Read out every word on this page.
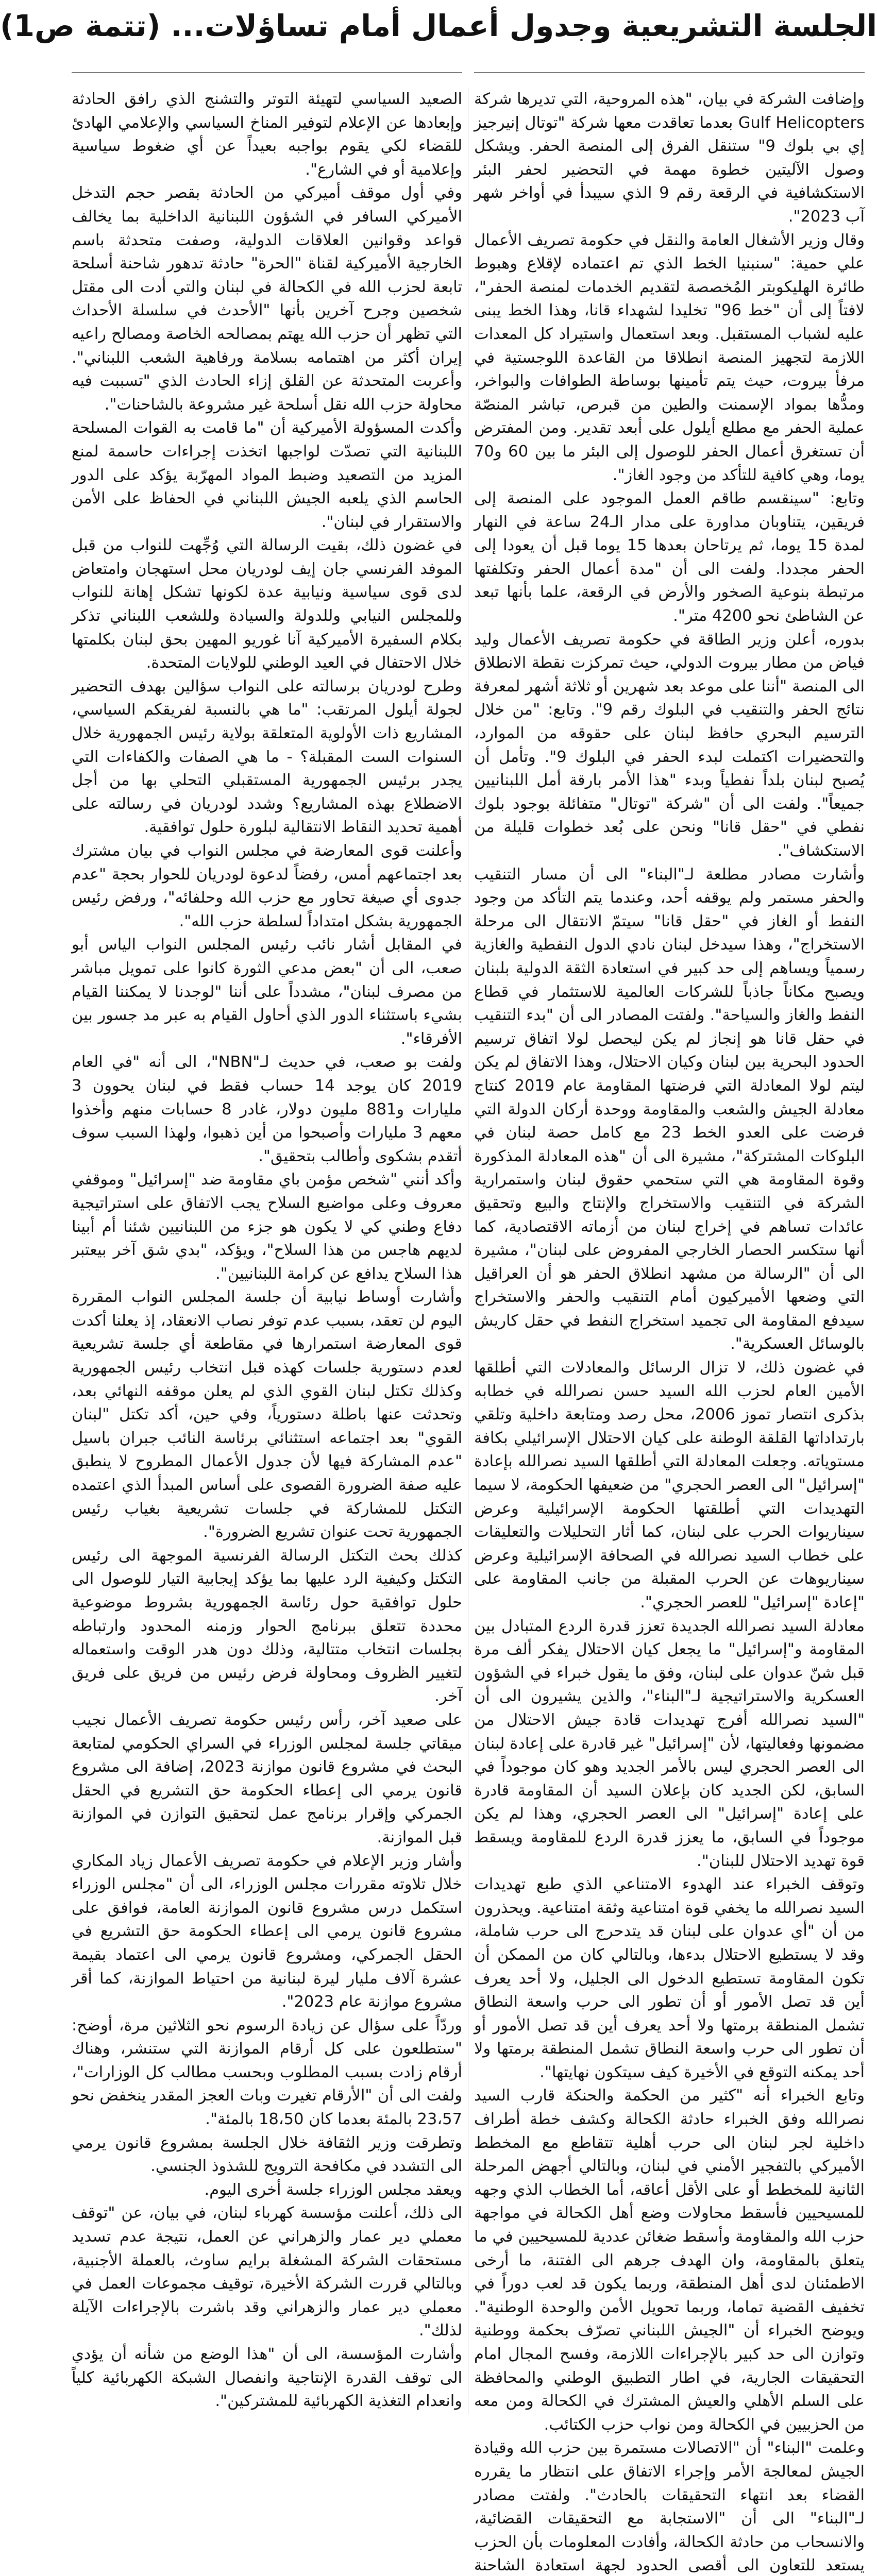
الجلسة التشريعية وجدول أعمال أمام تساؤلات... (تتمة ص1)

وإضافت الشركة في بيان، "هذه المروحية، التي تديرها شركة Gulf Helicopters بعدما تعاقدت معها شركة "توتال إنيرجيز إي بي بلوك 9" ستنقل الفرق إلى المنصة الحفر. ويشكل وصول الآليتين خطوة مهمة في التحضير لحفر البئر الاستكشافية في الرقعة رقم 9 الذي سيبدأ في أواخر شهر آب 2023".

وقال وزير الأشغال العامة والنقل في حكومة تصريف الأعمال علي حمية: "سنبنيا الخط الذي تم اعتماده لإقلاع وهبوط طائرة الهليكوبتر المُخصصة لتقديم الخدمات لمنصة الحفر"، لافتاً إلى أن "خط 96" تخليدا لشهداء قانا، وهذا الخط يبنى عليه لشباب المستقبل. وبعد استعمال واستيراد كل المعدات اللازمة لتجهيز المنصة انطلاقا من القاعدة اللوجستية في مرفأ بيروت، حيث يتم تأمينها بوساطة الطوافات والبواخر، ومدُّها بمواد الإسمنت والطين من قبرص، تباشر المنصّة عملية الحفر مع مطلع أيلول على أبعد تقدير. ومن المفترض أن تستغرق أعمال الحفر للوصول إلى البئر ما بين 60 و70 يوما، وهي كافية للتأكد من وجود الغاز".

وتابع: "سينقسم طاقم العمل الموجود على المنصة إلى فريقين، يتناوبان مداورة على مدار الـ24 ساعة في النهار لمدة 15 يوما، ثم يرتاحان بعدها 15 يوما قبل أن يعودا إلى الحفر مجددا. ولفت الى أن "مدة أعمال الحفر وتكلفتها مرتبطة بنوعية الصخور والأرض في الرقعة، علما بأنها تبعد عن الشاطئ نحو 4200 متر".

بدوره، أعلن وزير الطاقة في حكومة تصريف الأعمال وليد فياض من مطار بيروت الدولي، حيث تمركزت نقطة الانطلاق الى المنصة "أننا على موعد بعد شهرين أو ثلاثة أشهر لمعرفة نتائج الحفر والتنقيب في البلوك رقم 9". وتابع: "من خلال الترسيم البحري حافظ لبنان على حقوقه من الموارد، والتحضيرات اكتملت لبدء الحفر في البلوك 9". وتأمل أن يُصبح لبنان بلداً نفطياً وبدء "هذا الأمر بارقة أمل اللبنانيين جميعاً". ولفت الى أن "شركة "توتال" متفائلة بوجود بلوك نفطي في "حقل قانا" ونحن على بُعد خطوات قليلة من الاستكشاف".

وأشارت مصادر مطلعة لـ"البناء" الى أن مسار التنقيب والحفر مستمر ولم يوقفه أحد، وعندما يتم التأكد من وجود النفط أو الغاز في "حقل قانا" سيتمّ الانتقال الى مرحلة الاستخراج"، وهذا سيدخل لبنان نادي الدول النفطية والغازية رسمياً ويساهم إلى حد كبير في استعادة الثقة الدولية بلبنان ويصبح مكاناً جاذباً للشركات العالمية للاستثمار في قطاع النفط والغاز والسياحة". ولفتت المصادر الى أن "بدء التنقيب في حقل قانا هو إنجاز لم يكن ليحصل لولا اتفاق ترسيم الحدود البحرية بين لبنان وكيان الاحتلال، وهذا الاتفاق لم يكن ليتم لولا المعادلة التي فرضتها المقاومة عام 2019 كنتاج معادلة الجيش والشعب والمقاومة ووحدة أركان الدولة التي فرضت على العدو الخط 23 مع كامل حصة لبنان في البلوكات المشتركة"، مشيرة الى أن "هذه المعادلة المذكورة وقوة المقاومة هي التي ستحمي حقوق لبنان واستمرارية الشركة في التنقيب والاستخراج والإنتاج والبيع وتحقيق عائدات تساهم في إخراج لبنان من أزماته الاقتصادية، كما أنها ستكسر الحصار الخارجي المفروض على لبنان"، مشيرة الى أن "الرسالة من مشهد انطلاق الحفر هو أن العراقيل التي وضعها الأميركيون أمام التنقيب والحفر والاستخراج سيدفع المقاومة الى تجميد استخراج النفط في حقل كاريش بالوسائل العسكرية".

في غضون ذلك، لا تزال الرسائل والمعادلات التي أطلقها الأمين العام لحزب الله السيد حسن نصرالله في خطابه بذكرى انتصار تموز 2006، محل رصد ومتابعة داخلية وتلقي بارتداداتها القلقة الوطنة على كيان الاحتلال الإسرائيلي بكافة مستوياته. وجعلت المعادلة التي أطلقها السيد نصرالله بإعادة "إسرائيل" الى العصر الحجري" من ضعيفها الحكومة، لا سيما التهديدات التي أطلقتها الحكومة الإسرائيلية وعرض سيناريوات الحرب على لبنان، كما أثار التحليلات والتعليقات على خطاب السيد نصرالله في الصحافة الإسرائيلية وعرض سيناريوهات عن الحرب المقبلة من جانب المقاومة على "إعادة "إسرائيل" للعصر الحجري".

معادلة السيد نصرالله الجديدة تعزز قدرة الردع المتبادل بين المقاومة و"إسرائيل" ما يجعل كيان الاحتلال يفكر ألف مرة قبل شنّ عدوان على لبنان، وفق ما يقول خبراء في الشؤون العسكرية والاستراتيجية لـ"البناء"، والذين يشيرون الى أن "السيد نصرالله أفرج تهديدات قادة جيش الاحتلال من مضمونها وفعاليتها، لأن "إسرائيل" غير قادرة على إعادة لبنان الى العصر الحجري ليس بالأمر الجديد وهو كان موجوداً في السابق، لكن الجديد كان بإعلان السيد أن المقاومة قادرة على إعادة "إسرائيل" الى العصر الحجري، وهذا لم يكن موجوداً في السابق، ما يعزز قدرة الردع للمقاومة ويسقط قوة تهديد الاحتلال للبنان".

وتوقف الخبراء عند الهدوء الامتناعي الذي طبع تهديدات السيد نصرالله ما يخفي قوة امتناعية وثقة امتناعية. ويحذرون من أن "أي عدوان على لبنان قد يتدحرج الى حرب شاملة، وقد لا يستطيع الاحتلال بدءها، وبالتالي كان من الممكن أن تكون المقاومة تستطيع الدخول الى الجليل، ولا أحد يعرف أين قد تصل الأمور أو أن تطور الى حرب واسعة النطاق تشمل المنطقة برمتها ولا أحد يعرف أين قد تصل الأمور أو أن تطور الى حرب واسعة النطاق تشمل المنطقة برمتها ولا أحد يمكنه التوقع في الأخيرة كيف سيتكون نهايتها".

وتابع الخبراء أنه "كثير من الحكمة والحنكة قارب السيد نصرالله وفق الخبراء حادثة الكحالة وكشف خطة أطراف داخلية لجر لبنان الى حرب أهلية تتقاطع مع المخطط الأميركي بالتفجير الأمني في لبنان، وبالتالي أجهض المرحلة الثانية للمخطط أو على الأقل أعاقه، أما الخطاب الذي وجهه للمسيحيين فأسقط محاولات وضع أهل الكحالة في مواجهة حزب الله والمقاومة وأسقط ضغائن عددية للمسيحيين في ما يتعلق بالمقاومة، وان الهدف جرهم الى الفتنة، ما أرخى الاطمئنان لدى أهل المنطقة، وربما يكون قد لعب دوراً في تخفيف القضية تماما، وربما تحويل الأمن والوحدة الوطنية". ويوضح الخبراء أن "الجيش اللبناني تصرّف بحكمة ووطنية وتوازن الى حد كبير بالإجراءات اللازمة، وفسح المجال امام التحقيقات الجارية، في اطار التطبيق الوطني والمحافظة على السلم الأهلي والعيش المشترك في الكحالة ومن معه من الحزبيين في الكحالة ومن نواب حزب الكتائب.

وعلمت "البناء" أن "الاتصالات مستمرة بين حزب الله وقيادة الجيش لمعالجة الأمر وإجراء الاتفاق على انتظار ما يقرره القضاء بعد انتهاء التحقيقات بالحادث". ولفتت مصادر لـ"البناء" الى أن "الاستجابة مع التحقيقات القضائية، والانسحاب من حادثة الكحالة، وأفادت المعلومات بأن الحزب يستعد للتعاون الى أقصى الحدود لجهة استعادة الشاحنة

الصعيد السياسي لتهيئة التوتر والتشنج الذي رافق الحادثة وإبعادها عن الإعلام لتوفير المناخ السياسي والإعلامي الهادئ للقضاء لكي يقوم بواجبه بعيداً عن أي ضغوط سياسية وإعلامية أو في الشارع".

وفي أول موقف أميركي من الحادثة بقصر حجم التدخل الأميركي السافر في الشؤون اللبنانية الداخلية بما يخالف قواعد وقوانين العلاقات الدولية، وصفت متحدثة باسم الخارجية الأميركية لقناة "الحرة" حادثة تدهور شاحنة أسلحة تابعة لحزب الله في الكحالة في لبنان والتي أدت الى مقتل شخصين وجرح آخرين بأنها "الأحدث في سلسلة الأحداث التي تظهر أن حزب الله يهتم بمصالحه الخاصة ومصالح راعيه إيران أكثر من اهتمامه بسلامة ورفاهية الشعب اللبناني". وأعربت المتحدثة عن القلق إزاء الحادث الذي "تسببت فيه محاولة حزب الله نقل أسلحة غير مشروعة بالشاحنات".

وأكدت المسؤولة الأميركية أن "ما قامت به القوات المسلحة اللبنانية التي تصدّت لواجبها اتخذت إجراءات حاسمة لمنع المزيد من التصعيد وضبط المواد المهرّبة يؤكد على الدور الحاسم الذي يلعبه الجيش اللبناني في الحفاظ على الأمن والاستقرار في لبنان".

في غضون ذلك، بقيت الرسالة التي وُجِّهت للنواب من قبل الموفد الفرنسي جان إيف لودريان محل استهجان وامتعاض لدى قوى سياسية ونيابية عدة لكونها تشكل إهانة للنواب وللمجلس النيابي وللدولة والسيادة وللشعب اللبناني تذكر بكلام السفيرة الأميركية آنا غوريو المهين بحق لبنان بكلمتها خلال الاحتفال في العيد الوطني للولايات المتحدة.

وطرح لودريان برسالته على النواب سؤالين بهدف التحضير لجولة أيلول المرتقب: "ما هي بالنسبة لفريقكم السياسي، المشاريع ذات الأولوية المتعلقة بولاية رئيس الجمهورية خلال السنوات الست المقبلة؟ - ما هي الصفات والكفاءات التي يجدر برئيس الجمهورية المستقبلي التحلي بها من أجل الاضطلاع بهذه المشاريع؟ وشدد لودريان في رسالته على أهمية تحديد النقاط الانتقالية لبلورة حلول توافقية.

وأعلنت قوى المعارضة في مجلس النواب في بيان مشترك بعد اجتماعهم أمس، رفضاً لدعوة لودريان للحوار بحجة "عدم جدوى أي صيغة تحاور مع حزب الله وحلفائه"، ورفض رئيس الجمهورية بشكل امتداداً لسلطة حزب الله".

في المقابل أشار نائب رئيس المجلس النواب الياس أبو صعب، الى أن "بعض مدعي الثورة كانوا على تمويل مباشر من مصرف لبنان"، مشدداً على أننا "لوجدنا لا يمكننا القيام بشيء باستثناء الدور الذي أحاول القيام به عبر مد جسور بين الأفرقاء".

ولفت بو صعب، في حديث لـ"NBN"، الى أنه "في العام 2019 كان يوجد 14 حساب فقط في لبنان يحوون 3 مليارات و881 مليون دولار، غادر 8 حسابات منهم وأخذوا معهم 3 مليارات وأصبحوا من أين ذهبوا، ولهذا السبب سوف أتقدم بشكوى وأطالب بتحقيق".

وأكد أنني "شخص مؤمن باي مقاومة ضد "إسرائيل" وموقفي معروف وعلى مواضيع السلاح يجب الاتفاق على استراتيجية دفاع وطني كي لا يكون هو جزء من اللبنانيين شئنا أم أبينا لديهم هاجس من هذا السلاح"، ويؤكد، "بدي شق آخر بيعتبر هذا السلاح يدافع عن كرامة اللبنانيين".

وأشارت أوساط نيابية أن جلسة المجلس النواب المقررة اليوم لن تعقد، بسبب عدم توفر نصاب الانعقاد، إذ يعلنا أكدت قوى المعارضة استمرارها في مقاطعة أي جلسة تشريعية لعدم دستورية جلسات كهذه قبل انتخاب رئيس الجمهورية وكذلك تكتل لبنان القوي الذي لم يعلن موقفه النهائي بعد، وتحدثت عنها باطلة دستورياً، وفي حين، أكد تكتل "لبنان القوي" بعد اجتماعه استثنائي برئاسة النائب جبران باسيل "عدم المشاركة فيها لأن جدول الأعمال المطروح لا ينطبق عليه صفة الضرورة القصوى على أساس المبدأ الذي اعتمده التكتل للمشاركة في جلسات تشريعية بغياب رئيس الجمهورية تحت عنوان تشريع الضرورة".

كذلك بحث التكتل الرسالة الفرنسية الموجهة الى رئيس التكتل وكيفية الرد عليها بما يؤكد إيجابية التيار للوصول الى حلول توافقية حول رئاسة الجمهورية بشروط موضوعية محددة تتعلق ببرنامج الحوار وزمنه المحدود وارتباطه بجلسات انتخاب متتالية، وذلك دون هدر الوقت واستعماله لتغيير الظروف ومحاولة فرض رئيس من فريق على فريق آخر.

على صعيد آخر، رأس رئيس حكومة تصريف الأعمال نجيب ميقاتي جلسة لمجلس الوزراء في السراي الحكومي لمتابعة البحث في مشروع قانون موازنة 2023، إضافة الى مشروع قانون يرمي الى إعطاء الحكومة حق التشريع في الحقل الجمركي وإقرار برنامج عمل لتحقيق التوازن في الموازنة قبل الموازنة.

وأشار وزير الإعلام في حكومة تصريف الأعمال زياد المكاري خلال تلاوته مقررات مجلس الوزراء، الى أن "مجلس الوزراء استكمل درس مشروع قانون الموازنة العامة، فوافق على مشروع قانون يرمي الى إعطاء الحكومة حق التشريع في الحقل الجمركي، ومشروع قانون يرمي الى اعتماد بقيمة عشرة آلاف مليار ليرة لبنانية من احتياط الموازنة، كما أقر مشروع موازنة عام 2023".

وردّاً على سؤال عن زيادة الرسوم نحو الثلاثين مرة، أوضح: "ستطلعون على كل أرقام الموازنة التي ستنشر، وهناك أرقام زادت بسبب المطلوب وبحسب مطالب كل الوزارات"، ولفت الى أن "الأرقام تغيرت وبات العجز المقدر ينخفض نحو 23،57 بالمئة بعدما كان 18،50 بالمئة".

وتطرقت وزير الثقافة خلال الجلسة بمشروع قانون يرمي الى التشدد في مكافحة الترويج للشذوذ الجنسي.

ويعقد مجلس الوزراء جلسة أخرى اليوم.

الى ذلك، أعلنت مؤسسة كهرباء لبنان، في بيان، عن "توقف معملي دير عمار والزهراني عن العمل، نتيجة عدم تسديد مستحقات الشركة المشغلة برايم ساوث، بالعملة الأجنبية، وبالتالي قررت الشركة الأخيرة، توقيف مجموعات العمل في معملي دير عمار والزهراني وقد باشرت بالإجراءات الآيلة لذلك".

وأشارت المؤسسة، الى أن "هذا الوضع من شأنه أن يؤدي الى توقف القدرة الإنتاجية وانفصال الشبكة الكهربائية كلياً وانعدام التغذية الكهربائية للمشتركين".
